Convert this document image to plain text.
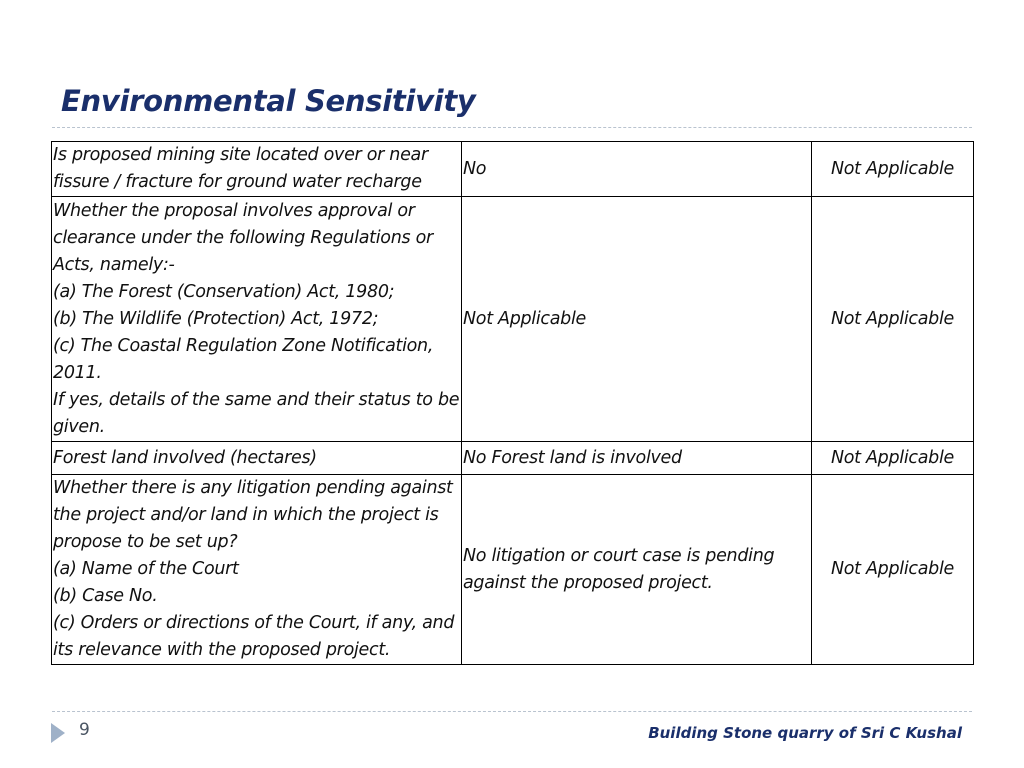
Environmental Sensitivity
Is proposed mining site located over or near fissure / fracture for ground water recharge	No	Not Applicable

Whether the proposal involves approval or clearance under the following Regulations or Acts, namely:-
(a) The Forest (Conservation) Act, 1980;
(b) The Wildlife (Protection) Act, 1972;
(c) The Coastal Regulation Zone Notification, 2011.
If yes, details of the same and their status to be given.	Not Applicable	Not Applicable

Forest land involved (hectares)	No Forest land is involved	Not Applicable

Whether there is any litigation pending against the project and/or land in which the project is propose to be set up?
(a) Name of the Court
(b) Case No.
(c) Orders or directions of the Court, if any, and its relevance with the proposed project.	No litigation or court case is pending against the proposed project.	Not Applicable
9	Building Stone quarry of Sri C Kushal
